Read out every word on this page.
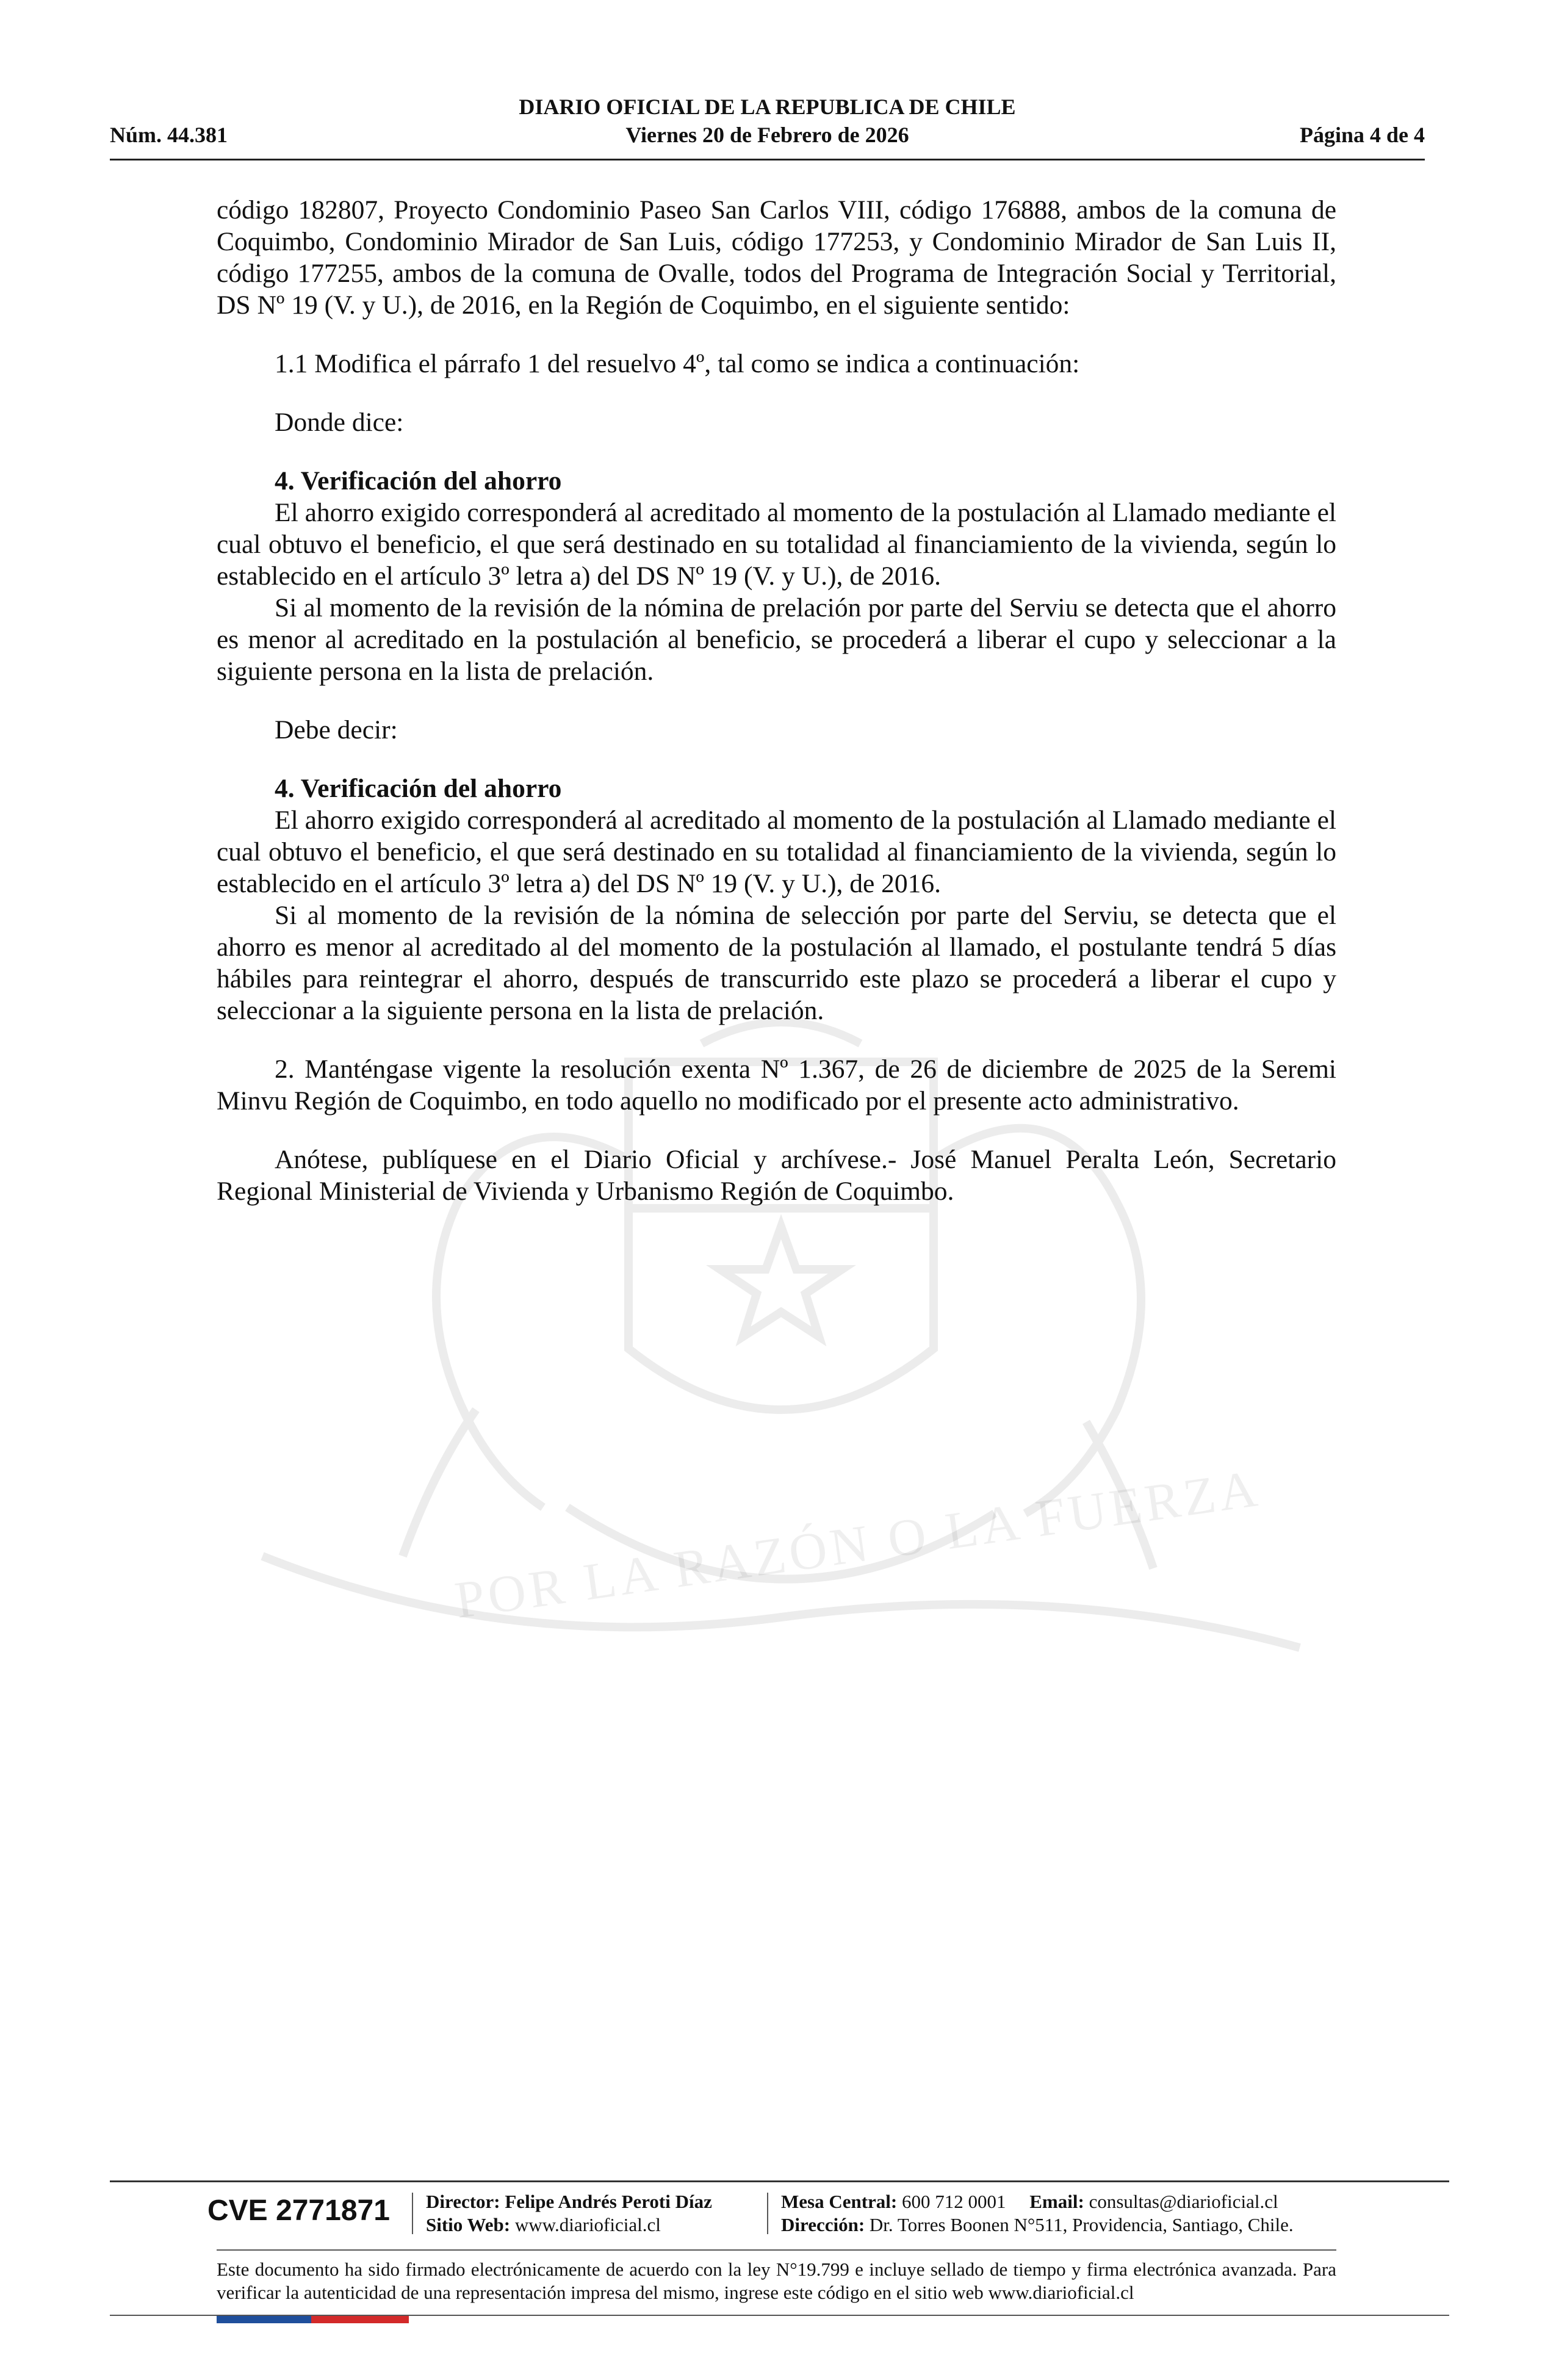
POR LA RAZÓN O LA FUERZA
DIARIO OFICIAL DE LA REPUBLICA DE CHILE
Núm. 44.381	Viernes 20 de Febrero de 2026	Página 4 de 4

código 182807, Proyecto Condominio Paseo San Carlos VIII, código 176888, ambos de la comuna de Coquimbo, Condominio Mirador de San Luis, código 177253, y Condominio Mirador de San Luis II, código 177255, ambos de la comuna de Ovalle, todos del Programa de Integración Social y Territorial, DS Nº 19 (V. y U.), de 2016, en la Región de Coquimbo, en el siguiente sentido:

1.1 Modifica el párrafo 1 del resuelvo 4º, tal como se indica a continuación:

Donde dice:

4. Verificación del ahorro

El ahorro exigido corresponderá al acreditado al momento de la postulación al Llamado mediante el cual obtuvo el beneficio, el que será destinado en su totalidad al financiamiento de la vivienda, según lo establecido en el artículo 3º letra a) del DS Nº 19 (V. y U.), de 2016.

Si al momento de la revisión de la nómina de prelación por parte del Serviu se detecta que el ahorro es menor al acreditado en la postulación al beneficio, se procederá a liberar el cupo y seleccionar a la siguiente persona en la lista de prelación.

Debe decir:

4. Verificación del ahorro

El ahorro exigido corresponderá al acreditado al momento de la postulación al Llamado mediante el cual obtuvo el beneficio, el que será destinado en su totalidad al financiamiento de la vivienda, según lo establecido en el artículo 3º letra a) del DS Nº 19 (V. y U.), de 2016.

Si al momento de la revisión de la nómina de selección por parte del Serviu, se detecta que el ahorro es menor al acreditado al del momento de la postulación al llamado, el postulante tendrá 5 días hábiles para reintegrar el ahorro, después de transcurrido este plazo se procederá a liberar el cupo y seleccionar a la siguiente persona en la lista de prelación.

2. Manténgase vigente la resolución exenta Nº 1.367, de 26 de diciembre de 2025 de la Seremi Minvu Región de Coquimbo, en todo aquello no modificado por el presente acto administrativo.

Anótese, publíquese en el Diario Oficial y archívese.- José Manuel Peralta León, Secretario Regional Ministerial de Vivienda y Urbanismo Región de Coquimbo.

CVE 2771871 Director: Felipe Andrés Peroti Díaz
Sitio Web: www.diarioficial.cl
Mesa Central: 600 712 0001 Email: consultas@diarioficial.cl
Dirección: Dr. Torres Boonen N°511, Providencia, Santiago, Chile.
Este documento ha sido firmado electrónicamente de acuerdo con la ley N°19.799 e incluye sellado de tiempo y firma electrónica avanzada. Para verificar la autenticidad de una representación impresa del mismo, ingrese este código en el sitio web www.diarioficial.cl
